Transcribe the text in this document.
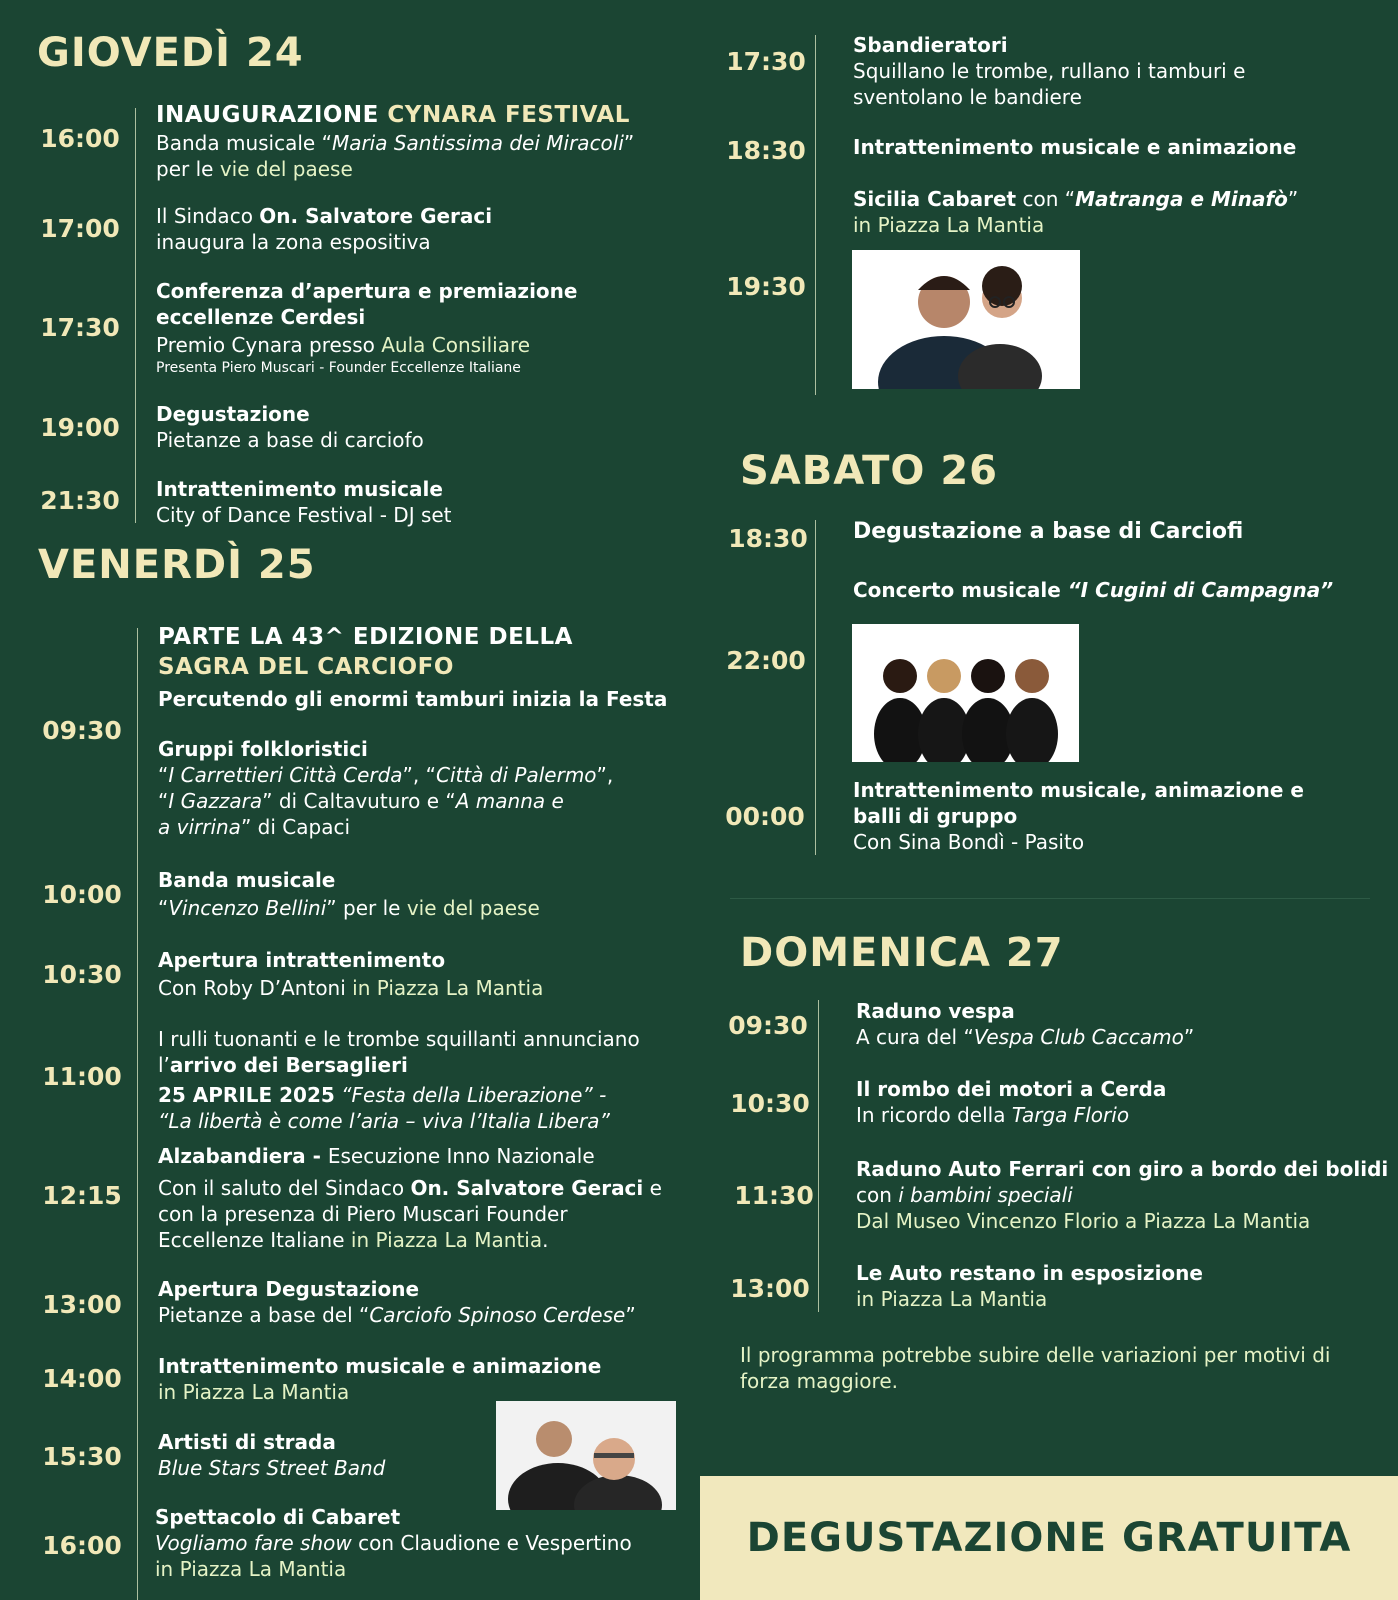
GIOVEDÌ 24
16:00
INAUGURAZIONE CYNARA FESTIVAL
Banda musicale “Maria Santissima dei Miracoli”
per le vie del paese
17:00 Il Sindaco On. Salvatore Geraci
inaugura la zona espositiva
17:30
Conferenza d’apertura e premiazione
eccellenze Cerdesi
Premio Cynara presso Aula Consiliare
Presenta Piero Muscari - Founder Eccellenze Italiane
19:00 Degustazione
Pietanze a base di carciofo
21:30 Intrattenimento musicale
City of Dance Festival - DJ set
VENERDÌ 25
09:30
PARTE LA 43^ EDIZIONE DELLA
SAGRA DEL CARCIOFO
Percutendo gli enormi tamburi inizia la Festa
Gruppi folkloristici
“I Carrettieri Città Cerda”, “Città di Palermo”,
“I Gazzara” di Caltavuturo e “A manna e
a virrina” di Capaci
10:00 Banda musicale
“Vincenzo Bellini” per le vie del paese
10:30 Apertura intrattenimento
Con Roby D’Antoni in Piazza La Mantia
11:00
I rulli tuonanti e le trombe squillanti annunciano
l’arrivo dei Bersaglieri
25 APRILE 2025 “Festa della Liberazione” -
“La libertà è come l’aria – viva l’Italia Libera”
12:15
Alzabandiera - Esecuzione Inno Nazionale
Con il saluto del Sindaco On. Salvatore Geraci e
con la presenza di Piero Muscari Founder
Eccellenze Italiane in Piazza La Mantia.
13:00
Apertura Degustazione
Pietanze a base del “Carciofo Spinoso Cerdese”
14:00 Intrattenimento musicale e animazione
in Piazza La Mantia
15:30 Artisti di strada
Blue Stars Street Band
16:00
Spettacolo di Cabaret
Vogliamo fare show con Claudione e Vespertino
in Piazza La Mantia
17:30
Sbandieratori
Squillano le trombe, rullano i tamburi e
sventolano le bandiere
18:30 Intrattenimento musicale e animazione
19:30
Sicilia Cabaret con “Matranga e Minafò”
in Piazza La Mantia
SABATO 26
18:30 Degustazione a base di Carciofi
22:00
Concerto musicale “I Cugini di Campagna”
00:00
Intrattenimento musicale, animazione e
balli di gruppo
Con Sina Bondì - Pasito
DOMENICA 27
09:30 Raduno vespa
A cura del “Vespa Club Caccamo”
10:30 Il rombo dei motori a Cerda
In ricordo della Targa Florio
11:30
Raduno Auto Ferrari con giro a bordo dei bolidi
con i bambini speciali
Dal Museo Vincenzo Florio a Piazza La Mantia
13:00
Le Auto restano in esposizione
in Piazza La Mantia
Il programma potrebbe subire delle variazioni per motivi di
forza maggiore.
DEGUSTAZIONE GRATUITA
